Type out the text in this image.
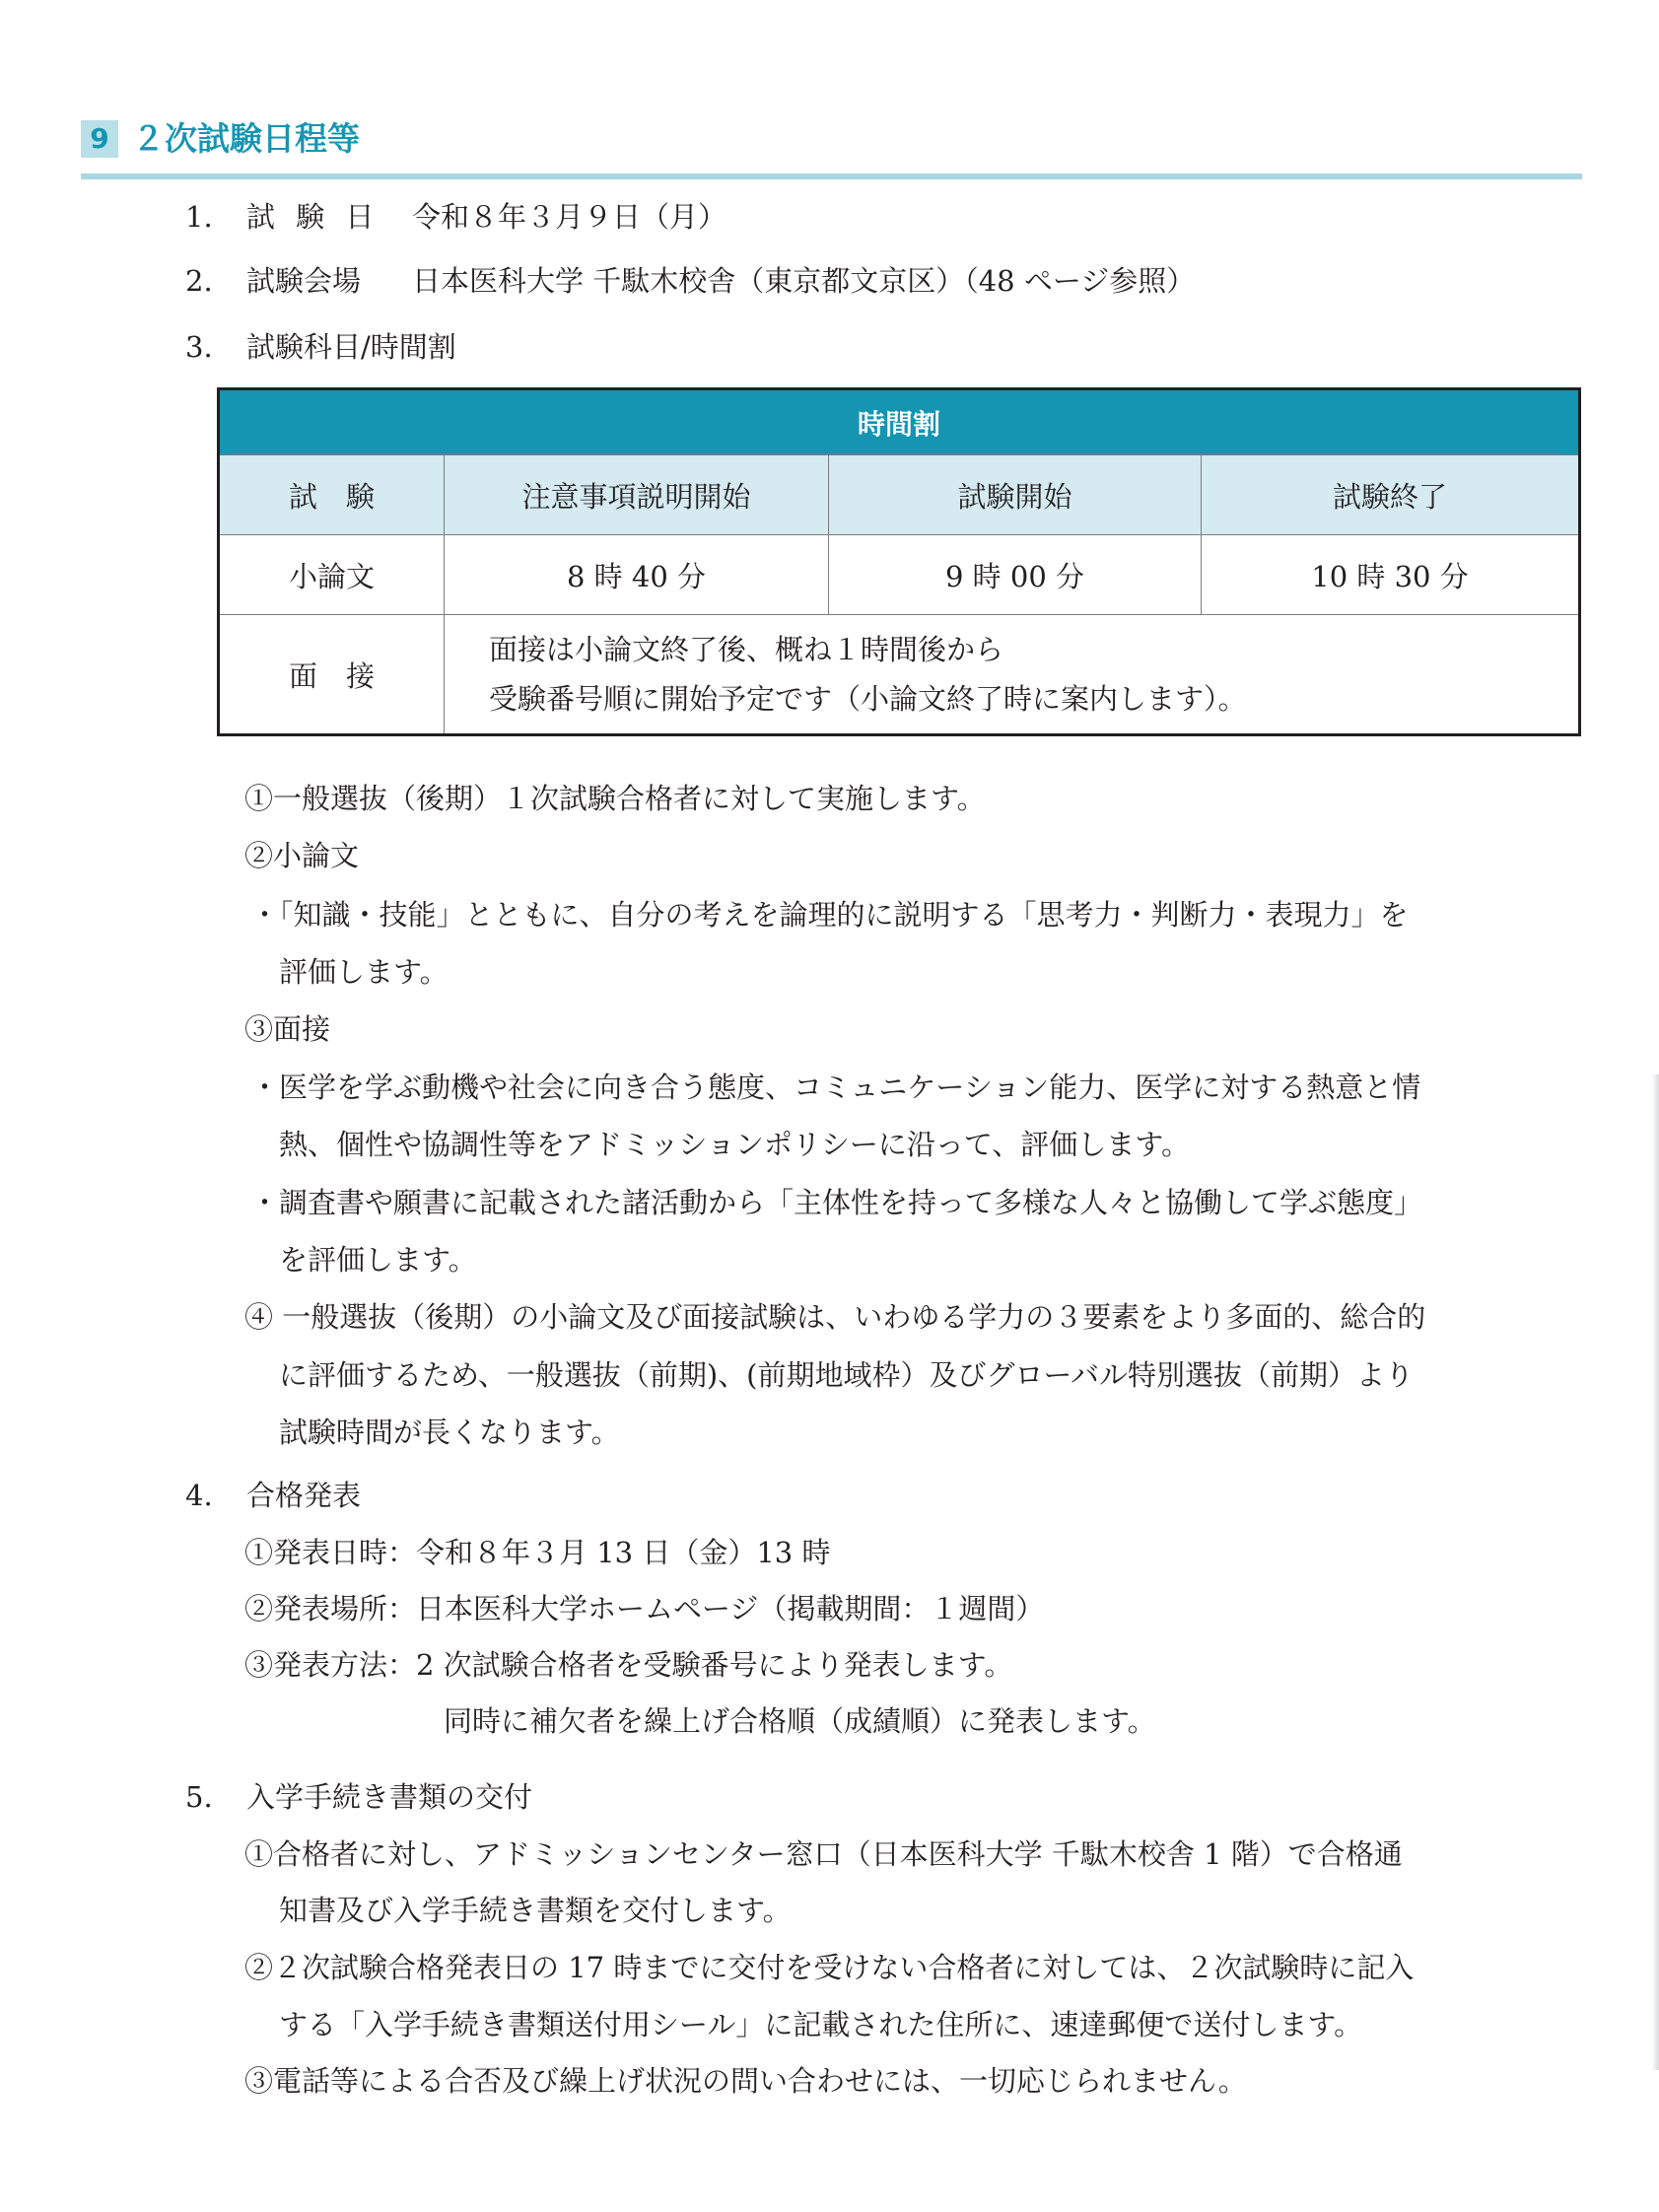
9 ２次試験日程等
1. 試 験 日 令和８年３月９日（月）
2. 試験会場 日本医科大学 千駄木校舎（東京都文京区）（48 ページ参照）
3. 試験科目/時間割
時間割			
試　験	注意事項説明開始	試験開始	試験終了
小論文	8 時 40 分	9 時 00 分	10 時 30 分
面　接	面接は小論文終了後、概ね１時間後から
受験番号順に開始予定です（小論文終了時に案内します）。		
①一般選抜（後期）１次試験合格者に対して実施します。
②小論文
・「知識・技能」とともに、自分の考えを論理的に説明する「思考力・判断力・表現力」を
評価します。
③面接
・医学を学ぶ動機や社会に向き合う態度、コミュニケーション能力、医学に対する熱意と情
熱、個性や協調性等をアドミッションポリシーに沿って、評価します。
・調査書や願書に記載された諸活動から「主体性を持って多様な人々と協働して学ぶ態度」
を評価します。
④ 一般選抜（後期）の小論文及び面接試験は、いわゆる学力の３要素をより多面的、総合的
に評価するため、一般選抜（前期)、(前期地域枠）及びグローバル特別選抜（前期）より
試験時間が長くなります。
4. 合格発表
①発表日時：令和８年３月 13 日（金）13 時
②発表場所：日本医科大学ホームページ（掲載期間：１週間）
③発表方法：2 次試験合格者を受験番号により発表します。
同時に補欠者を繰上げ合格順（成績順）に発表します。
5. 入学手続き書類の交付
①合格者に対し、アドミッションセンター窓口（日本医科大学 千駄木校舎 1 階）で合格通
知書及び入学手続き書類を交付します。
②２次試験合格発表日の 17 時までに交付を受けない合格者に対しては、２次試験時に記入
する「入学手続き書類送付用シール」に記載された住所に、速達郵便で送付します。
③電話等による合否及び繰上げ状況の問い合わせには、一切応じられません。
